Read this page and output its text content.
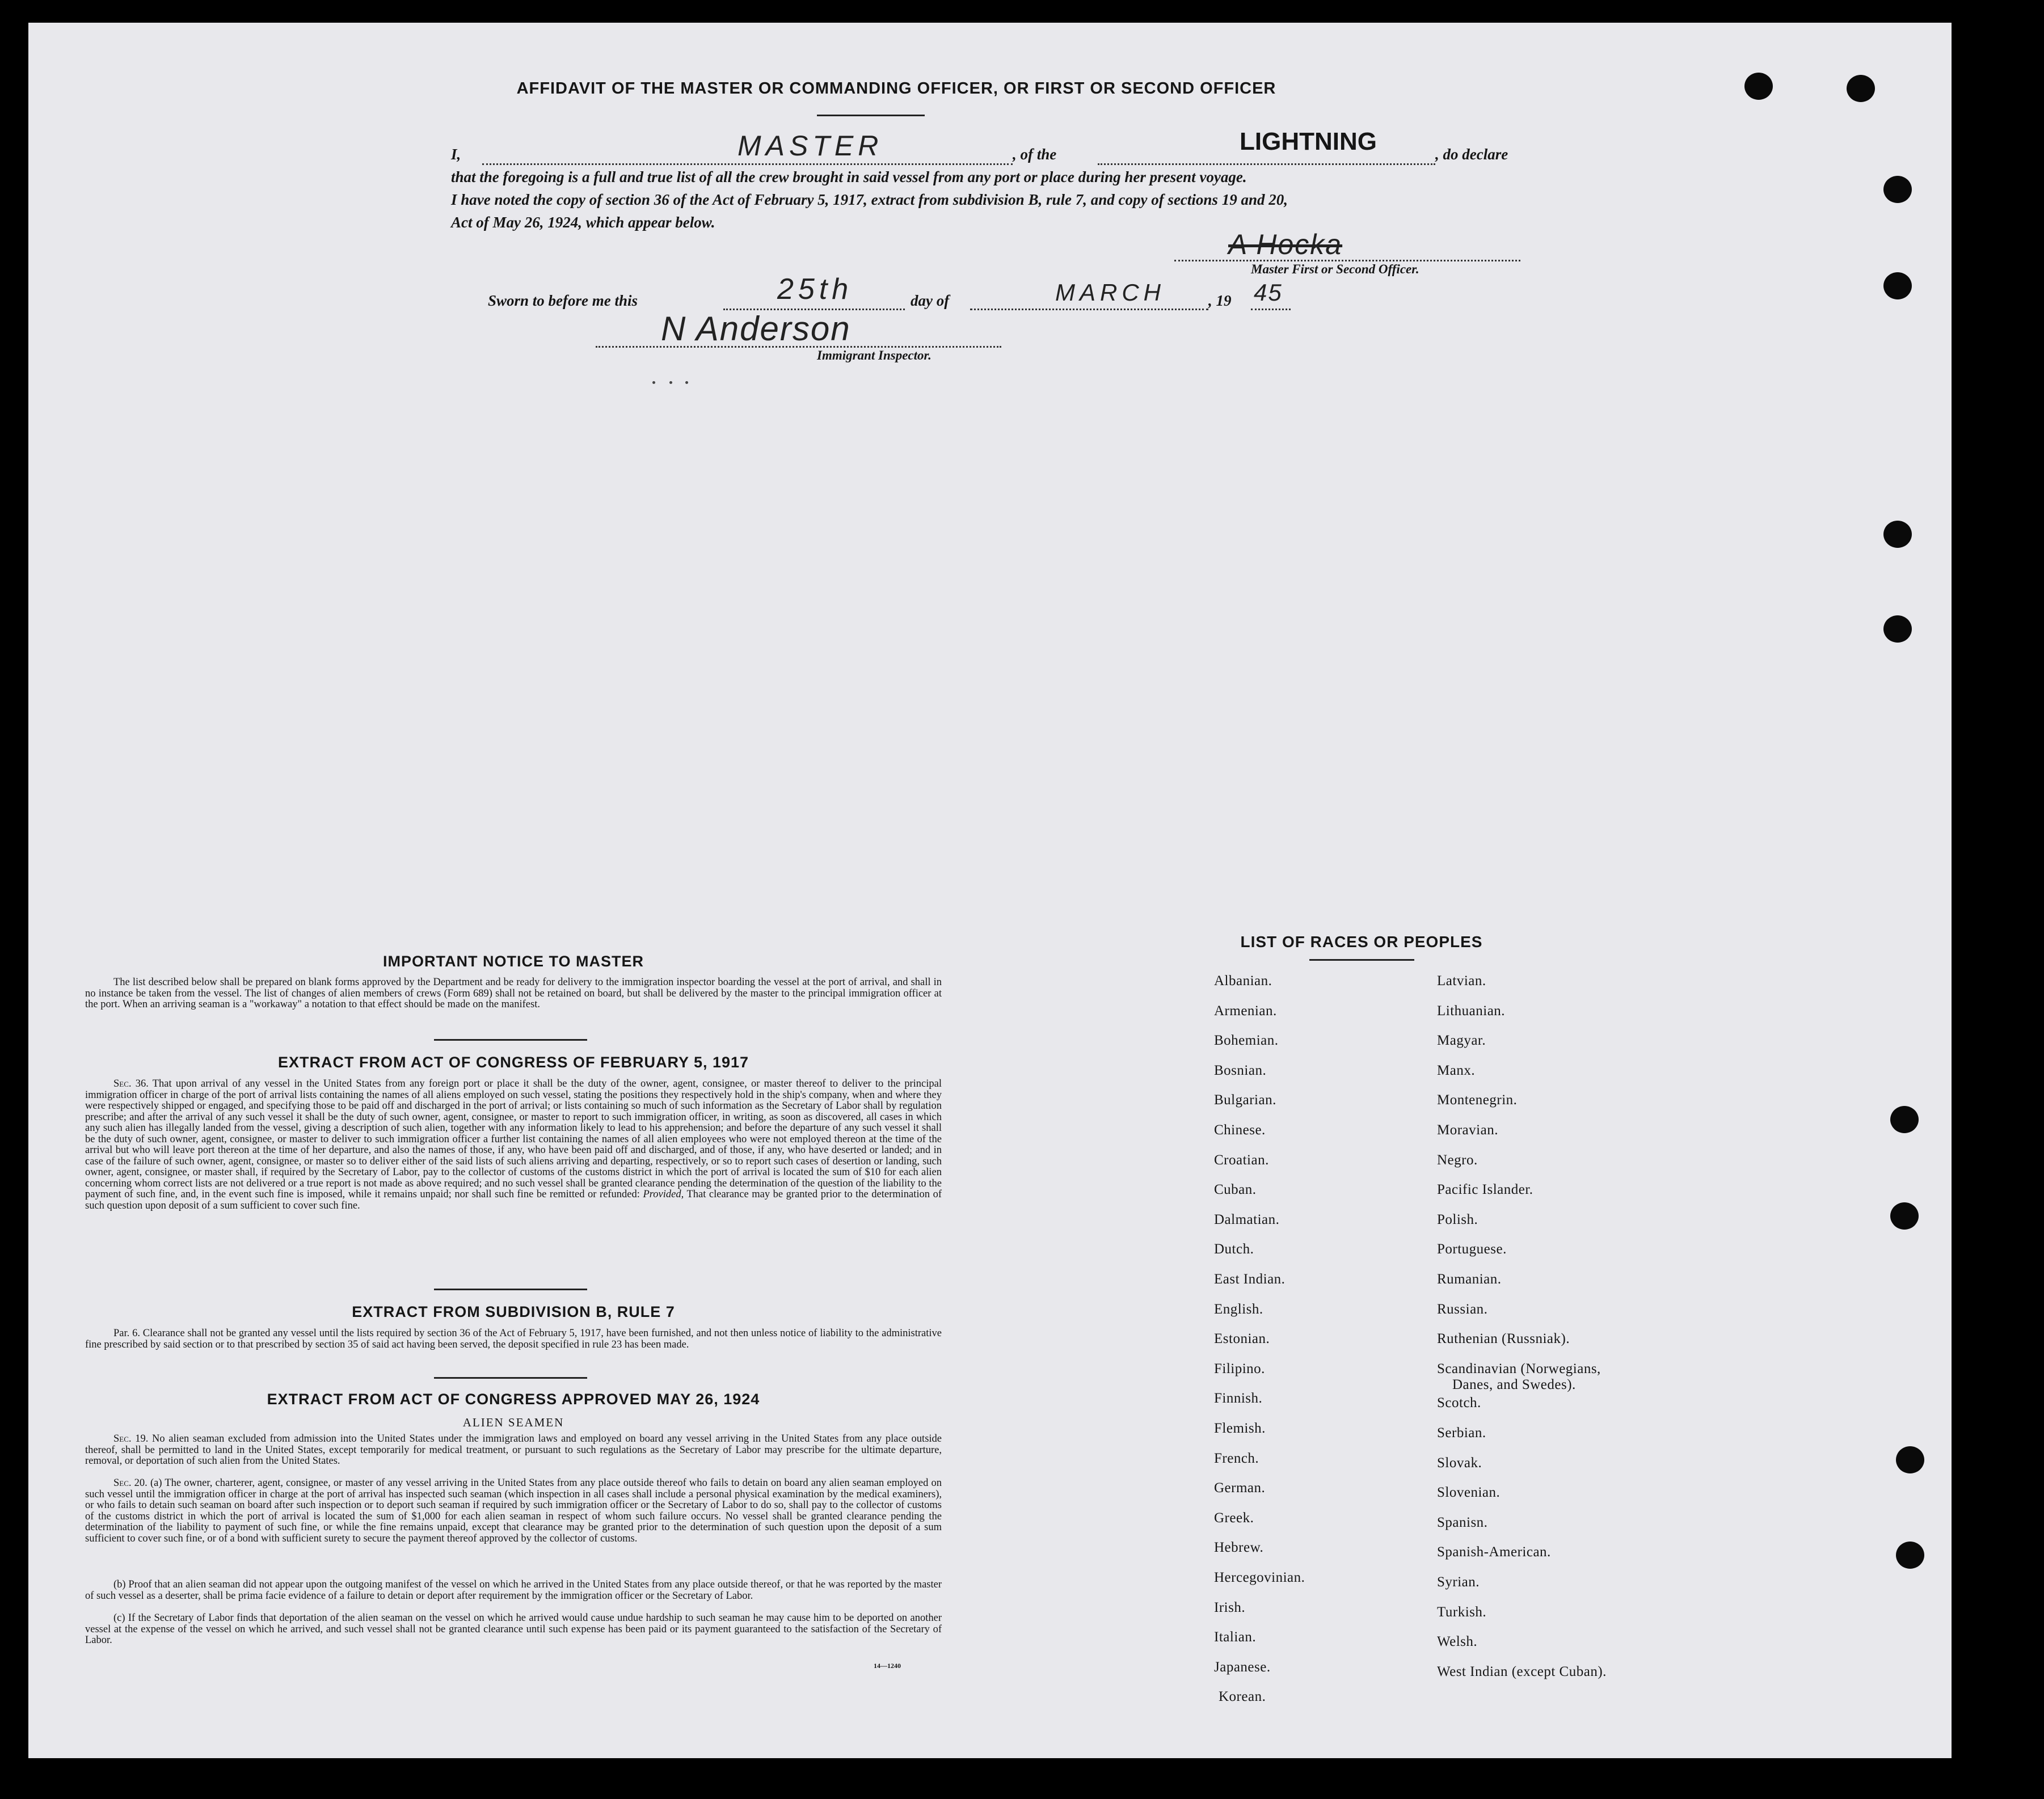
AFFIDAVIT OF THE MASTER OR COMMANDING OFFICER, OR FIRST OR SECOND OFFICER
I,	MASTER	, of the	LIGHTNING	, do declare
that the foregoing is a full and true list of all the crew brought in said vessel from any port or place during her present voyage.
I have noted the copy of section 36 of the Act of February 5, 1917, extract from subdivision B, rule 7, and copy of sections 19 and 20,
Act of May 26, 1924, which appear below.
A Hocka
Master First or Second Officer.
Sworn to before me this	25th	day of	MARCH	, 19 45
N Anderson
Immigrant Inspector.
IMPORTANT NOTICE TO MASTER

The list described below shall be prepared on blank forms approved by the Department and be ready for delivery to the immigration inspector boarding the vessel at the port of arrival, and shall in no instance be taken from the vessel. The list of changes of alien members of crews (Form 689) shall not be retained on board, but shall be delivered by the master to the principal immigration officer at the port. When an arriving seaman is a "workaway" a notation to that effect should be made on the manifest.

EXTRACT FROM ACT OF CONGRESS OF FEBRUARY 5, 1917

Sec. 36. That upon arrival of any vessel in the United States from any foreign port or place it shall be the duty of the owner, agent, consignee, or master thereof to deliver to the principal immigration officer in charge of the port of arrival lists containing the names of all aliens employed on such vessel, stating the positions they respectively hold in the ship's company, when and where they were respectively shipped or engaged, and specifying those to be paid off and discharged in the port of arrival; or lists containing so much of such information as the Secretary of Labor shall by regulation prescribe; and after the arrival of any such vessel it shall be the duty of such owner, agent, consignee, or master to report to such immigration officer, in writing, as soon as discovered, all cases in which any such alien has illegally landed from the vessel, giving a description of such alien, together with any information likely to lead to his apprehension; and before the departure of any such vessel it shall be the duty of such owner, agent, consignee, or master to deliver to such immigration officer a further list containing the names of all alien employees who were not employed thereon at the time of the arrival but who will leave port thereon at the time of her departure, and also the names of those, if any, who have been paid off and discharged, and of those, if any, who have deserted or landed; and in case of the failure of such owner, agent, consignee, or master so to deliver either of the said lists of such aliens arriving and departing, respectively, or so to report such cases of desertion or landing, such owner, agent, consignee, or master shall, if required by the Secretary of Labor, pay to the collector of customs of the customs district in which the port of arrival is located the sum of $10 for each alien concerning whom correct lists are not delivered or a true report is not made as above required; and no such vessel shall be granted clearance pending the determination of the question of the liability to the payment of such fine, and, in the event such fine is imposed, while it remains unpaid; nor shall such fine be remitted or refunded: Provided, That clearance may be granted prior to the determination of such question upon deposit of a sum sufficient to cover such fine.

EXTRACT FROM SUBDIVISION B, RULE 7

Par. 6. Clearance shall not be granted any vessel until the lists required by section 36 of the Act of February 5, 1917, have been furnished, and not then unless notice of liability to the administrative fine prescribed by said section or to that prescribed by section 35 of said act having been served, the deposit specified in rule 23 has been made.

EXTRACT FROM ACT OF CONGRESS APPROVED MAY 26, 1924
ALIEN SEAMEN

Sec. 19. No alien seaman excluded from admission into the United States under the immigration laws and employed on board any vessel arriving in the United States from any place outside thereof, shall be permitted to land in the United States, except temporarily for medical treatment, or pursuant to such regulations as the Secretary of Labor may prescribe for the ultimate departure, removal, or deportation of such alien from the United States.

Sec. 20. (a) The owner, charterer, agent, consignee, or master of any vessel arriving in the United States from any place outside thereof who fails to detain on board any alien seaman employed on such vessel until the immigration officer in charge at the port of arrival has inspected such seaman (which inspection in all cases shall include a personal physical examination by the medical examiners), or who fails to detain such seaman on board after such inspection or to deport such seaman if required by such immigration officer or the Secretary of Labor to do so, shall pay to the collector of customs of the customs district in which the port of arrival is located the sum of $1,000 for each alien seaman in respect of whom such failure occurs. No vessel shall be granted clearance pending the determination of the liability to payment of such fine, or while the fine remains unpaid, except that clearance may be granted prior to the determination of such question upon the deposit of a sum sufficient to cover such fine, or of a bond with sufficient surety to secure the payment thereof approved by the collector of customs.

(b) Proof that an alien seaman did not appear upon the outgoing manifest of the vessel on which he arrived in the United States from any place outside thereof, or that he was reported by the master of such vessel as a deserter, shall be prima facie evidence of a failure to detain or deport after requirement by the immigration officer or the Secretary of Labor.

(c) If the Secretary of Labor finds that deportation of the alien seaman on the vessel on which he arrived would cause undue hardship to such seaman he may cause him to be deported on another vessel at the expense of the vessel on which he arrived, and such vessel shall not be granted clearance until such expense has been paid or its payment guaranteed to the satisfaction of the Secretary of Labor.

14—1240
LIST OF RACES OR PEOPLES
Albanian.
Armenian.
Bohemian.
Bosnian.
Bulgarian.
Chinese.
Croatian.
Cuban.
Dalmatian.
Dutch.
East Indian.
English.
Estonian.
Filipino.
Finnish.
Flemish.
French.
German.
Greek.
Hebrew.
Hercegovinian.
Irish.
Italian.
Japanese.
Korean.
Latvian.
Lithuanian.
Magyar.
Manx.
Montenegrin.
Moravian.
Negro.
Pacific Islander.
Polish.
Portuguese.
Rumanian.
Russian.
Ruthenian (Russniak).
Scandinavian (Norwegians,
Danes, and Swedes).
Scotch.
Serbian.
Slovak.
Slovenian.
Spanisn.
Spanish-American.
Syrian.
Turkish.
Welsh.
West Indian (except Cuban).
